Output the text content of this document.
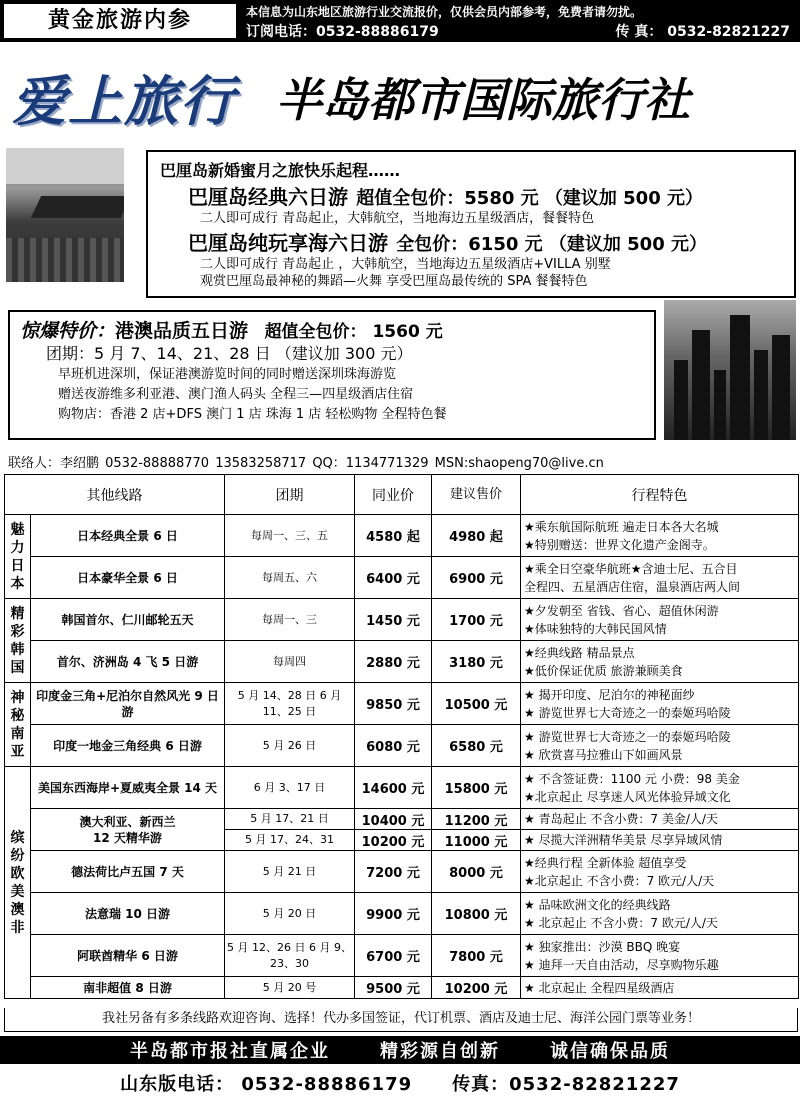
黄金旅游内参	本信息为山东地区旅游行业交流报价，仅供会员内部参考，免费者请勿扰。
订阅电话：0532-88886179	传 真： 0532-82821227
爱上旅行 半岛都市国际旅行社
巴厘岛新婚蜜月之旅快乐起程……
巴厘岛经典六日游 超值全包价：5580 元 （建议加 500 元）
二人即可成行 青岛起止，大韩航空，当地海边五星级酒店，餐餐特色
巴厘岛纯玩享海六日游 全包价：6150 元 （建议加 500 元）
二人即可成行 青岛起止 ，大韩航空，当地海边五星级酒店+VILLA 别墅
观赏巴厘岛最神秘的舞蹈—火舞 享受巴厘岛最传统的 SPA 餐餐特色
惊爆特价：港澳品质五日游 超值全包价： 1560 元
团期：5 月 7、14、21、28 日 （建议加 300 元）
早班机进深圳，保证港澳游览时间的同时赠送深圳珠海游览
赠送夜游维多利亚港、澳门渔人码头 全程三—四星级酒店住宿
购物店：香港 2 店+DFS 澳门 1 店 珠海 1 店 轻松购物 全程特色餐
联络人：李绍鹏 0532-88888770 13583258717 QQ：1134771329 MSN:shaopeng70@live.cn
其他线路		团期	同业价	建议售价	行程特色
魅力日本	日本经典全景 6 日	每周一、三、五	4580 起	4980 起	★乘东航国际航班 遍走日本各大名城
★特别赠送：世界文化遗产金阁寺。

	日本豪华全景 6 日	每周五、六	6400 元	6900 元	★乘全日空豪华航班★含迪士尼、五合目
全程四、五星酒店住宿，温泉酒店两人间

精彩韩国	韩国首尔、仁川邮轮五天	每周一、三	1450 元	1700 元	★夕发朝至 省钱、省心、超值休闲游
★体味独特的大韩民国风情

	首尔、济洲岛 4 飞 5 日游	每周四	2880 元	3180 元	★经典线路 精品景点
★低价保证优质 旅游兼顾美食

神秘南亚	印度金三角+尼泊尔自然风光 9 日游	5 月 14、28 日 6 月 11、25 日	9850 元	10500 元	★ 揭开印度、尼泊尔的神秘面纱
★ 游览世界七大奇迹之一的泰姬玛哈陵

	印度一地金三角经典 6 日游	5 月 26 日	6080 元	6580 元	★ 游览世界七大奇迹之一的泰姬玛哈陵
★ 欣赏喜马拉雅山下如画风景

缤纷欧美澳非	美国东西海岸+夏威夷全景 14 天	6 月 3、17 日	14600 元	15800 元	★ 不含签证费：1100 元 小费：98 美金
★北京起止 尽享迷人风光体验异域文化

	澳大利亚、新西兰
12 天精华游	5 月 17、21 日	10400 元	11200 元	★ 青岛起止 不含小费：7 美金/人/天
		5 月 17、24、31	10200 元	11000 元	★ 尽揽大洋洲精华美景 尽享异域风情
	德法荷比卢五国 7 天	5 月 21 日	7200 元	8000 元	★经典行程 全新体验 超值享受
★北京起止 不含小费：7 欧元/人/天

	法意瑞 10 日游	5 月 20 日	9900 元	10800 元	★ 品味欧洲文化的经典线路
★ 北京起止 不含小费：7 欧元/人/天

	阿联酋精华 6 日游	5 月 12、26 日 6 月 9、23、30	6700 元	7800 元	★ 独家推出：沙漠 BBQ 晚宴
★ 迪拜一天自由活动，尽享购物乐趣

	南非超值 8 日游	5 月 20 号	9500 元	10200 元	★ 北京起止 全程四星级酒店
我社另备有多条线路欢迎咨询、选择！代办多国签证，代订机票、酒店及迪士尼、海洋公园门票等业务！
半岛都市报社直属企业	精彩源自创新	诚信确保品质
山东版电话： 0532-88886179 传真：0532-82821227
